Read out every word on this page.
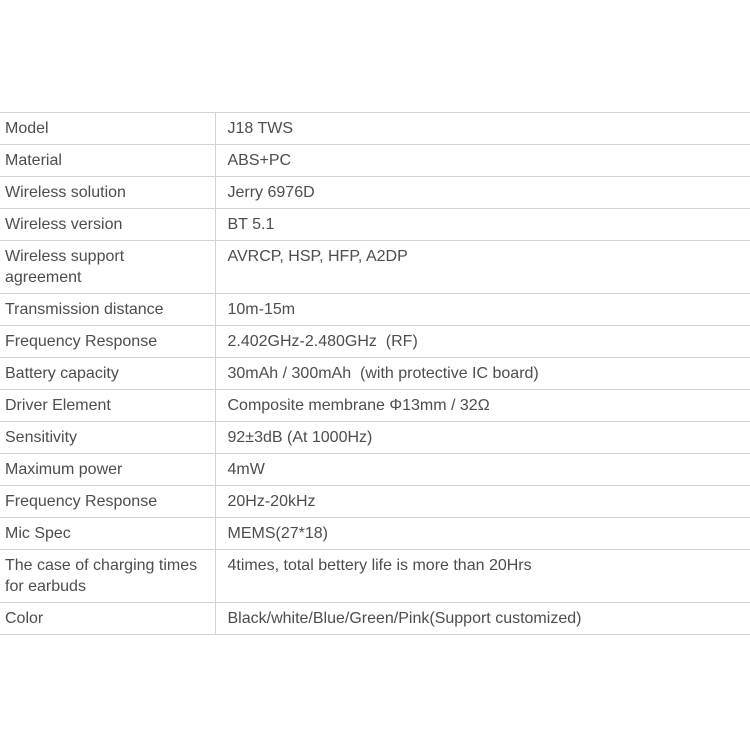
Model	J18 TWS
Material	ABS+PC
Wireless solution	Jerry 6976D
Wireless version	BT 5.1
Wireless support agreement	AVRCP, HSP, HFP, A2DP
Transmission distance	10m-15m
Frequency Response	2.402GHz-2.480GHz  (RF)
Battery capacity	30mAh / 300mAh  (with protective IC board)
Driver Element	Composite membrane Φ13mm / 32Ω
Sensitivity	92±3dB (At 1000Hz)
Maximum power	4mW
Frequency Response	20Hz-20kHz
Mic Spec	MEMS(27*18)
The case of charging times for earbuds	4times, total bettery life is more than 20Hrs
Color	Black/white/Blue/Green/Pink(Support customized)
